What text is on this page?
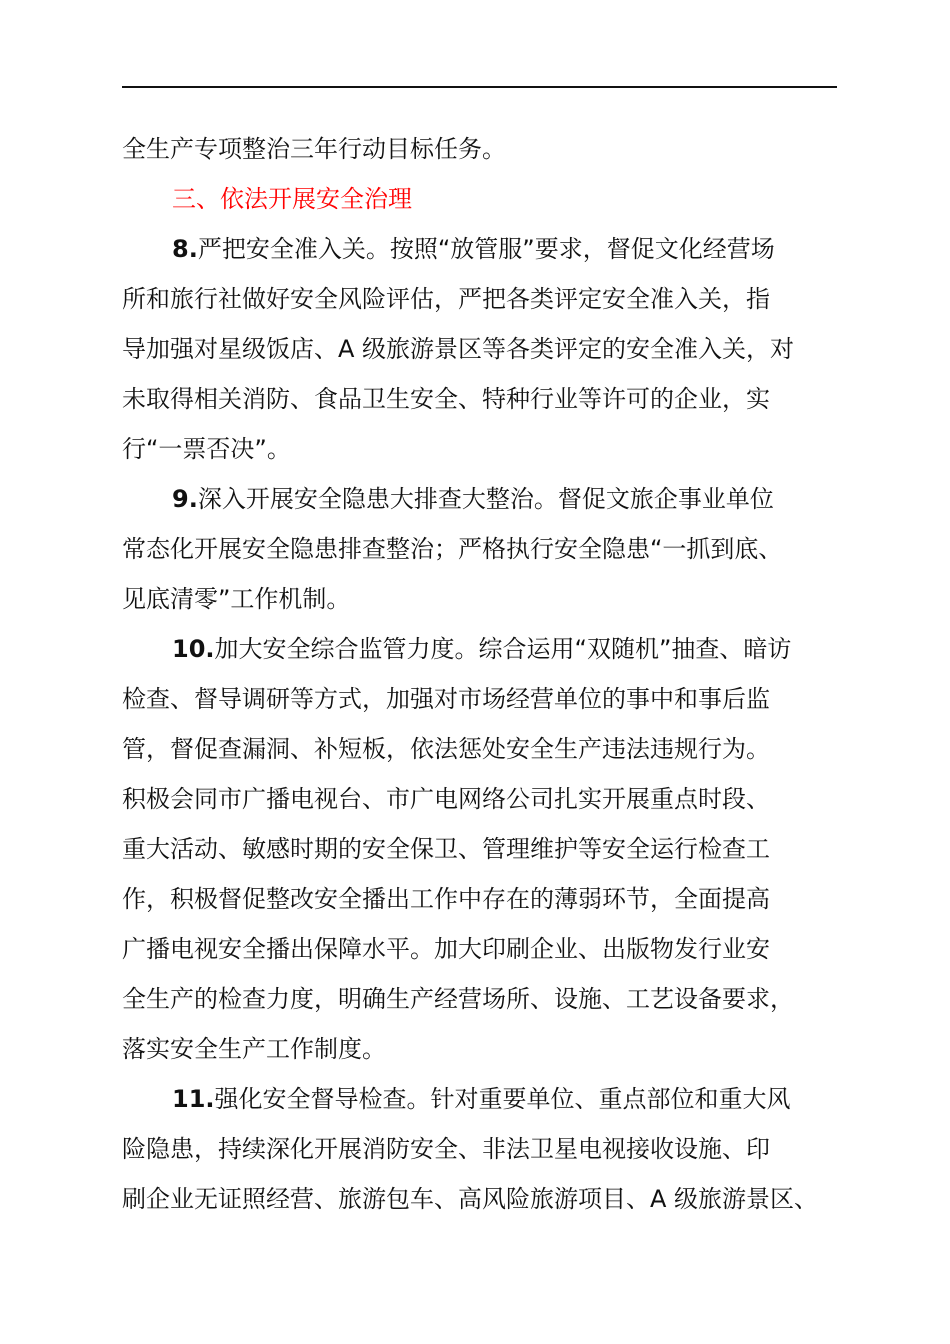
全生产专项整治三年行动目标任务。
三、依法开展安全治理
8.严把安全准入关。按照“放管服”要求，督促文化经营场
所和旅行社做好安全风险评估，严把各类评定安全准入关，指
导加强对星级饭店、A 级旅游景区等各类评定的安全准入关，对
未取得相关消防、食品卫生安全、特种行业等许可的企业，实
行“一票否决”。
9.深入开展安全隐患大排查大整治。督促文旅企事业单位
常态化开展安全隐患排查整治；严格执行安全隐患“一抓到底、
见底清零”工作机制。
10.加大安全综合监管力度。综合运用“双随机”抽查、暗访
检查、督导调研等方式，加强对市场经营单位的事中和事后监
管，督促查漏洞、补短板，依法惩处安全生产违法违规行为。
积极会同市广播电视台、市广电网络公司扎实开展重点时段、
重大活动、敏感时期的安全保卫、管理维护等安全运行检查工
作，积极督促整改安全播出工作中存在的薄弱环节，全面提高
广播电视安全播出保障水平。加大印刷企业、出版物发行业安
全生产的检查力度，明确生产经营场所、设施、工艺设备要求，
落实安全生产工作制度。
11.强化安全督导检查。针对重要单位、重点部位和重大风
险隐患，持续深化开展消防安全、非法卫星电视接收设施、印
刷企业无证照经营、旅游包车、高风险旅游项目、A 级旅游景区、
